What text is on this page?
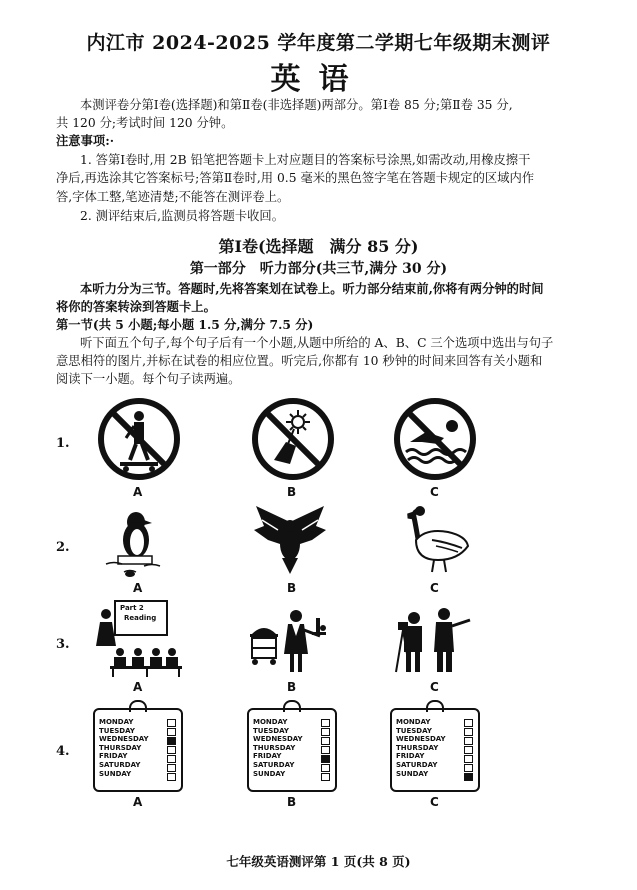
内江市 2024-2025 学年度第二学期七年级期末测评
英语
本测评卷分第Ⅰ卷(选择题)和第Ⅱ卷(非选择题)两部分。第Ⅰ卷 85 分;第Ⅱ卷 35 分,
共 120 分;考试时间 120 分钟。
注意事项:·
1. 答第Ⅰ卷时,用 2B 铅笔把答题卡上对应题目的答案标号涂黑,如需改动,用橡皮擦干
净后,再选涂其它答案标号;答第Ⅱ卷时,用 0.5 毫米的黑色签字笔在答题卡规定的区域内作
答,字体工整,笔迹清楚;不能答在测评卷上。
2. 测评结束后,监测员将答题卡收回。
第Ⅰ卷(选择题　满分 85 分)
第一部分　听力部分(共三节,满分 30 分)
本听力分为三节。答题时,先将答案划在试卷上。听力部分结束前,你将有两分钟的时间
将你的答案转涂到答题卡上。
第一节(共 5 小题;每小题 1.5 分,满分 7.5 分)
听下面五个句子,每个句子后有一个小题,从题中所给的 A、B、C 三个选项中选出与句子
意思相符的图片,并标在试卷的相应位置。听完后,你都有 10 秒钟的时间来回答有关小题和
阅读下一小题。每个句子读两遍。
1.
A	B	C
2.
A	B	C
3.
Part 2
Reading
A	B	C
4.
MONDAY
TUESDAY
WEDNESDAY
THURSDAY
FRIDAY
SATURDAY
SUNDAY
A
MONDAY
TUESDAY
WEDNESDAY
THURSDAY
FRIDAY
SATURDAY
SUNDAY
B
MONDAY
TUESDAY
WEDNESDAY
THURSDAY
FRIDAY
SATURDAY
SUNDAY
C
七年级英语测评第 1 页(共 8 页)
